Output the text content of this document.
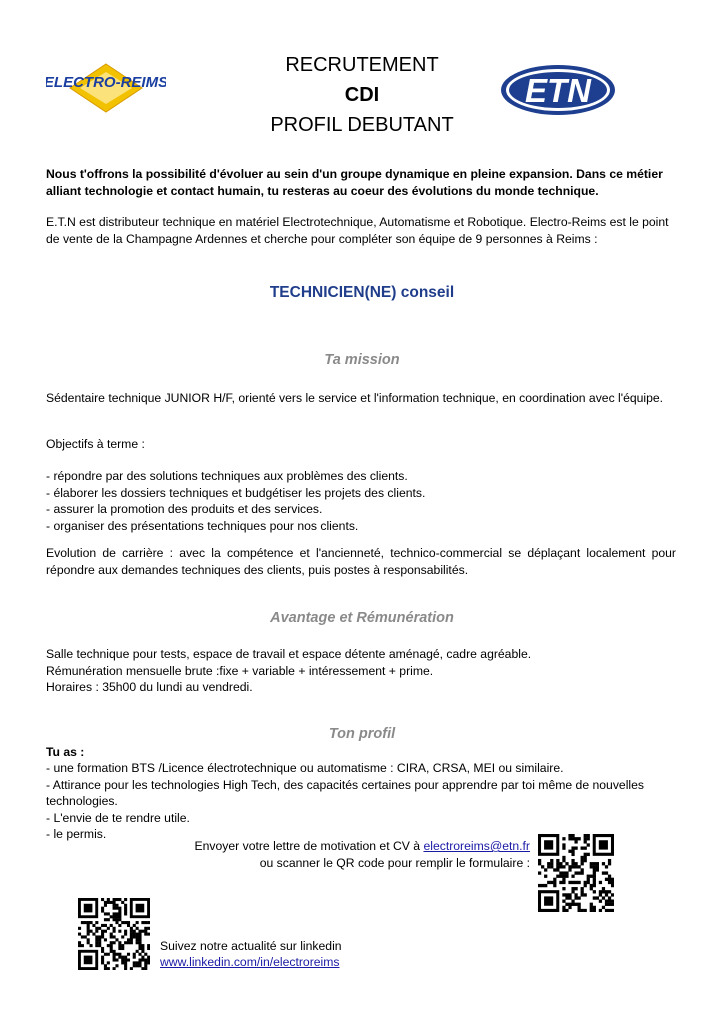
ELECTRO-REIMS	ETN
RECRUTEMENT
CDI
PROFIL DEBUTANT

Nous t'offrons la possibilité d'évoluer au sein d'un groupe dynamique en pleine expansion. Dans ce métier alliant technologie et contact humain, tu resteras au coeur des évolutions du monde technique.

E.T.N est distributeur technique en matériel Electrotechnique, Automatisme et Robotique. Electro-Reims est le point de vente de la Champagne Ardennes et cherche pour compléter son équipe de 9 personnes à Reims :

TECHNICIEN(NE) conseil
Ta mission

Sédentaire technique JUNIOR H/F, orienté vers le service et l'information technique, en coordination avec l'équipe.

Objectifs à terme :

- répondre par des solutions techniques aux problèmes des clients.

- élaborer les dossiers techniques et budgétiser les projets des clients.

- assurer la promotion des produits et des services.

- organiser des présentations techniques pour nos clients.

Evolution de carrière : avec la compétence et l'ancienneté, technico-commercial se déplaçant localement pour répondre aux demandes techniques des clients, puis postes à responsabilités.

Avantage et Rémunération

Salle technique pour tests, espace de travail et espace détente aménagé, cadre agréable.

Rémunération mensuelle brute :fixe + variable + intéressement + prime.

Horaires : 35h00 du lundi au vendredi.

Ton profil

Tu as :

- une formation BTS /Licence électrotechnique ou automatisme : CIRA, CRSA, MEI ou similaire.

- Attirance pour les technologies High Tech, des capacités certaines pour apprendre par toi même de nouvelles technologies.

- L'envie de te rendre utile.

- le permis.

Envoyer votre lettre de motivation et CV à electroreims@etn.fr
ou scanner le QR code pour remplir le formulaire :
Suivez notre actualité sur linkedin
www.linkedin.com/in/electroreims
